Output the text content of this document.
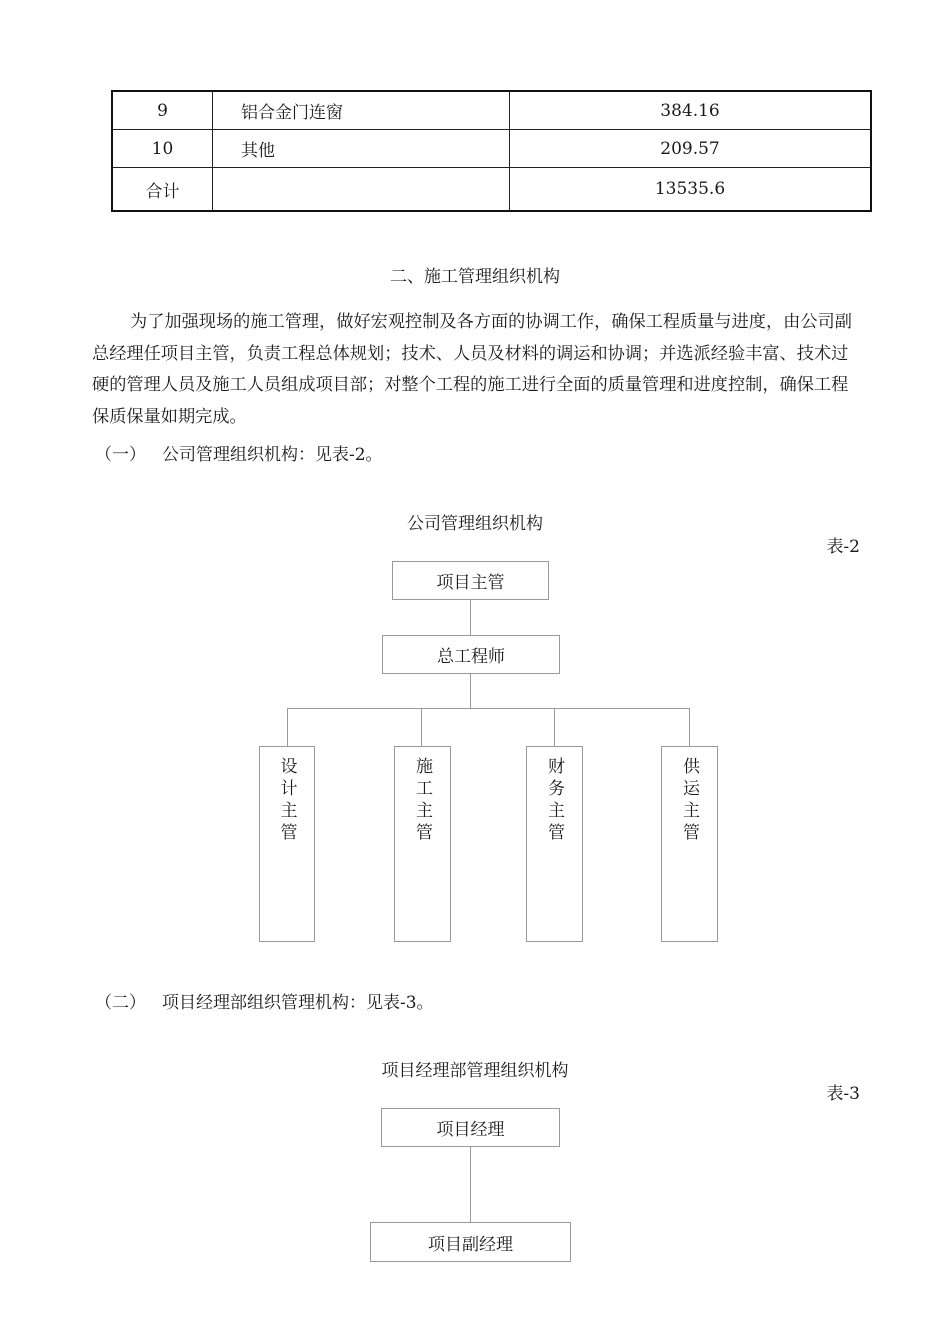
9	铝合金门连窗	384.16
10	其他	209.57
合计		13535.6
二、施工管理组织机构
为了加强现场的施工管理，做好宏观控制及各方面的协调工作，确保工程质量与进度，由公司副总经理任项目主管，负责工程总体规划；技术、人员及材料的调运和协调；并选派经验丰富、技术过硬的管理人员及施工人员组成项目部；对整个工程的施工进行全面的质量管理和进度控制，确保工程保质保量如期完成。
（一） 公司管理组织机构：见表-2。
公司管理组织机构
表-2
项目主管
总工程师
设计主管	施工主管	财务主管	供运主管
（二） 项目经理部组织管理机构：见表-3。
项目经理部管理组织机构
表-3
项目经理
项目副经理
